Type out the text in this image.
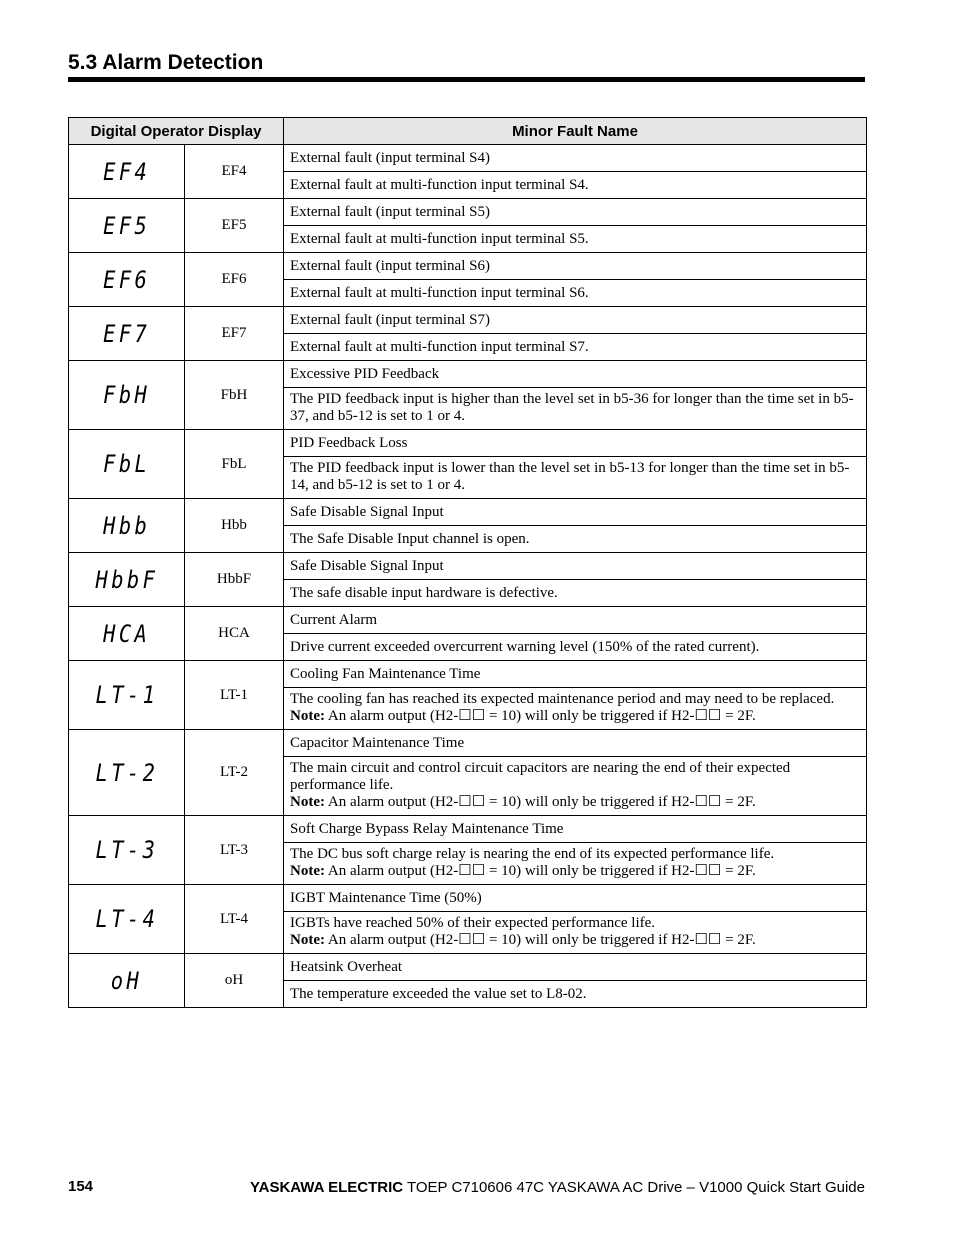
5.3 Alarm Detection
Digital Operator Display		Minor Fault Name
EF4	EF4	External fault (input terminal S4)

		External fault at multi-function input terminal S4.

EF5	EF5	External fault (input terminal S5)

		External fault at multi-function input terminal S5.

EF6	EF6	External fault (input terminal S6)

		External fault at multi-function input terminal S6.

EF7	EF7	External fault (input terminal S7)

		External fault at multi-function input terminal S7.

FbH	FbH	Excessive PID Feedback

		The PID feedback input is higher than the level set in b5-36 for longer than the time set in b5-37, and b5-12 is set to 1 or 4.

FbL	FbL	PID Feedback Loss

		The PID feedback input is lower than the level set in b5-13 for longer than the time set in b5-14, and b5-12 is set to 1 or 4.

Hbb	Hbb	Safe Disable Signal Input

		The Safe Disable Input channel is open.

HbbF	HbbF	Safe Disable Signal Input

		The safe disable input hardware is defective.

HCA	HCA	Current Alarm

		Drive current exceeded overcurrent warning level (150% of the rated current).

LT-1	LT-1	Cooling Fan Maintenance Time

		The cooling fan has reached its expected maintenance period and may need to be replaced.
Note: An alarm output (H2-☐☐ = 10) will only be triggered if H2-☐☐ = 2F.

LT-2	LT-2	Capacitor Maintenance Time

		The main circuit and control circuit capacitors are nearing the end of their expected performance life.
Note: An alarm output (H2-☐☐ = 10) will only be triggered if H2-☐☐ = 2F.

LT-3	LT-3	Soft Charge Bypass Relay Maintenance Time

		The DC bus soft charge relay is nearing the end of its expected performance life.
Note: An alarm output (H2-☐☐ = 10) will only be triggered if H2-☐☐ = 2F.

LT-4	LT-4	IGBT Maintenance Time (50%)

		IGBTs have reached 50% of their expected performance life.
Note: An alarm output (H2-☐☐ = 10) will only be triggered if H2-☐☐ = 2F.

oH	oH	Heatsink Overheat

		The temperature exceeded the value set to L8-02.
154	YASKAWA ELECTRIC TOEP C710606 47C YASKAWA AC Drive – V1000 Quick Start Guide
